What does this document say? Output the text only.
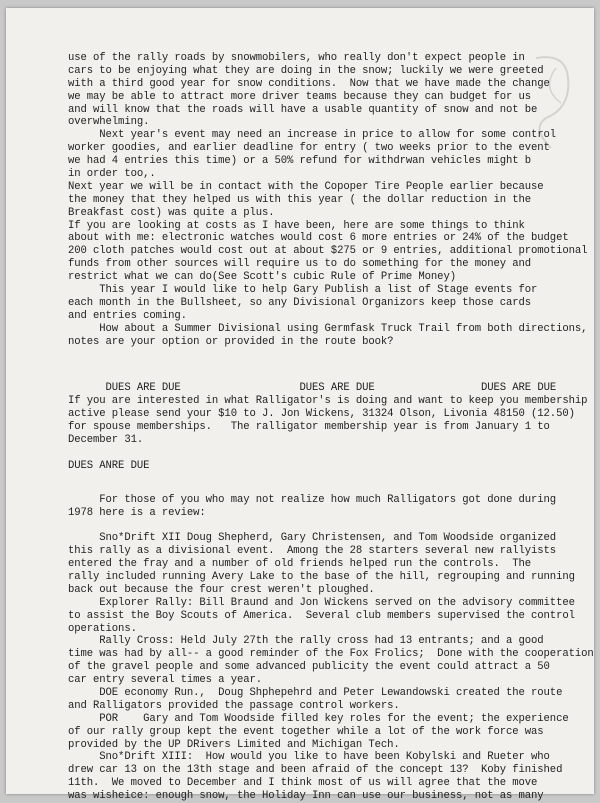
use of the rally roads by snowmobilers, who really don't expect people in
cars to be enjoying what they are doing in the snow; luckily we were greeted
with a third good year for snow conditions.  Now that we have made the change
we may be able to attract more driver teams because they can budget for us
and will know that the roads will have a usable quantity of snow and not be
overwhelming.
Next year's event may need an increase in price to allow for some control
worker goodies, and earlier deadline for entry ( two weeks prior to the event
we had 4 entries this time) or a 50% refund for withdrwan vehicles might b
in order too,.
Next year we will be in contact with the Copoper Tire People earlier because
the money that they helped us with this year ( the dollar reduction in the
Breakfast cost) was quite a plus.
If you are looking at costs as I have been, here are some things to think
about with me: electronic watches would cost 6 more entries or 24% of the budget
200 cloth patches would cost out at about $275 or 9 entries, additional promotional
funds from other sources will require us to do something for the money and
restrict what we can do(See Scott's cubic Rule of Prime Money)
This year I would like to help Gary Publish a list of Stage events for
each month in the Bullsheet, so any Divisional Organizors keep those cards
and entries coming.
How about a Summer Divisional using Germfask Truck Trail from both directions,
notes are your option or provided in the route book?

DUES ARE DUE	DUES ARE DUE	DUES ARE DUE

If you are interested in what Ralligator's is doing and want to keep you membership
active please send your $10 to J. Jon Wickens, 31324 Olson, Livonia 48150 (12.50)
for spouse memberships.   The ralligator membership year is from January 1 to
December 31.
DUES ANRE DUE
For those of you who may not realize how much Ralligators got done during
1978 here is a review:
Sno*Drift XII Doug Shepherd, Gary Christensen, and Tom Woodside organized
this rally as a divisional event.  Among the 28 starters several new rallyists
entered the fray and a number of old friends helped run the controls.  The
rally included running Avery Lake to the base of the hill, regrouping and running
back out because the four crest weren't ploughed.
Explorer Rally: Bill Braund and Jon Wickens served on the advisory committee
to assist the Boy Scouts of America.  Several club members supervised the control
operations.
Rally Cross: Held July 27th the rally cross had 13 entrants; and a good
time was had by all-- a good reminder of the Fox Frolics;  Done with the cooperation
of the gravel people and some advanced publicity the event could attract a 50
car entry several times a year.
DOE economy Run.,  Doug Shphepehrd and Peter Lewandowski created the route
and Ralligators provided the passage control workers.
POR    Gary and Tom Woodside filled key roles for the event; the experience
of our rally group kept the event together while a lot of the work force was
provided by the UP DRivers Limited and Michigan Tech.
Sno*Drift XIII:  How would you like to have been Kobylski and Rueter who
drew car 13 on the 13th stage and been afraid of the concept 13?  Koby finished
11th.  We moved to December and I think most of us will agree that the move
was wisheice: enough snow, the Holiday Inn can use our business, not as many
